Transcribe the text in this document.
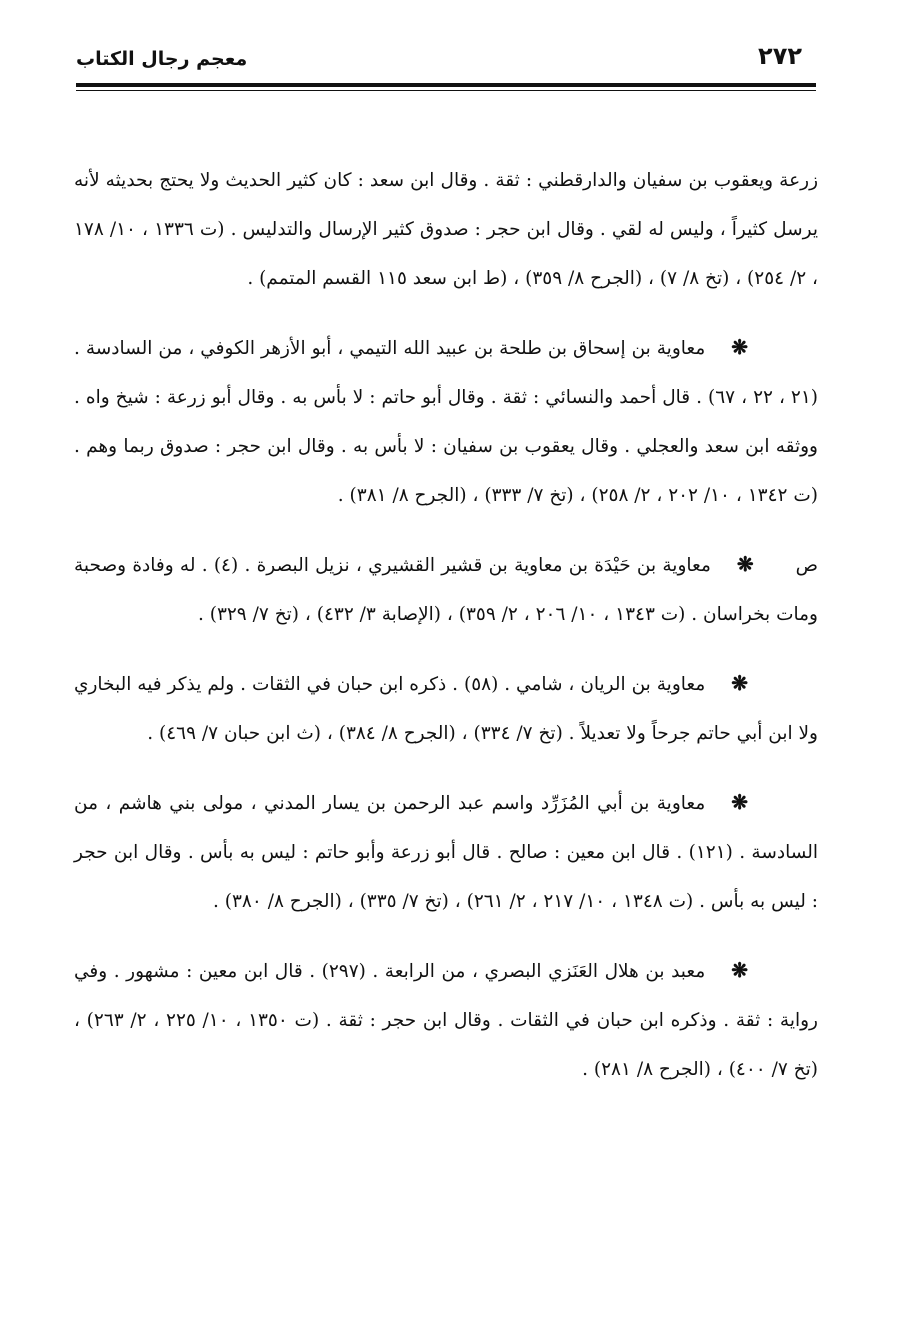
٢٧٢
معجم رجال الكتاب

زرعة ويعقوب بن سفيان والدارقطني : ثقة . وقال ابن سعد : كان كثير الحديث ولا يحتج بحديثه لأنه يرسل كثيراً ، وليس له لقي . وقال ابن حجر : صدوق كثير الإرسال والتدليس . (ت ١٣٣٦ ، ١٠/ ١٧٨ ، ٢/ ٢٥٤) ، (تخ ٨/ ٧) ، (الجرح ٨/ ٣٥٩) ، (ط ابن سعد ١١٥ القسم المتمم) .

❋معاوية بن إسحاق بن طلحة بن عبيد الله التيمي ، أبو الأزهر الكوفي ، من السادسة . (٢١ ، ٢٢ ، ٦٧) . قال أحمد والنسائي : ثقة . وقال أبو حاتم : لا بأس به . وقال أبو زرعة : شيخ واه . ووثقه ابن سعد والعجلي . وقال يعقوب بن سفيان : لا بأس به . وقال ابن حجر : صدوق ربما وهم . (ت ١٣٤٢ ، ١٠/ ٢٠٢ ، ٢/ ٢٥٨) ، (تخ ٧/ ٣٣٣) ، (الجرح ٨/ ٣٨١) .

ص❋معاوية بن حَيْدَة بن معاوية بن قشير القشيري ، نزيل البصرة . (٤) . له وفادة وصحبة ومات بخراسان . (ت ١٣٤٣ ، ١٠/ ٢٠٦ ، ٢/ ٣٥٩) ، (الإصابة ٣/ ٤٣٢) ، (تخ ٧/ ٣٢٩) .

❋معاوية بن الريان ، شامي . (٥٨) . ذكره ابن حبان في الثقات . ولم يذكر فيه البخاري ولا ابن أبي حاتم جرحاً ولا تعديلاً . (تخ ٧/ ٣٣٤) ، (الجرح ٨/ ٣٨٤) ، (ث ابن حبان ٧/ ٤٦٩) .

❋معاوية بن أبي المُزَرِّد واسم عبد الرحمن بن يسار المدني ، مولى بني هاشم ، من السادسة . (١٢١) . قال ابن معين : صالح . قال أبو زرعة وأبو حاتم : ليس به بأس . وقال ابن حجر : ليس به بأس . (ت ١٣٤٨ ، ١٠/ ٢١٧ ، ٢/ ٢٦١) ، (تخ ٧/ ٣٣٥) ، (الجرح ٨/ ٣٨٠) .

❋معبد بن هلال العَنَزي البصري ، من الرابعة . (٢٩٧) . قال ابن معين : مشهور . وفي رواية : ثقة . وذكره ابن حبان في الثقات . وقال ابن حجر : ثقة . (ت ١٣٥٠ ، ١٠/ ٢٢٥ ، ٢/ ٢٦٣) ، (تخ ٧/ ٤٠٠) ، (الجرح ٨/ ٢٨١) .
